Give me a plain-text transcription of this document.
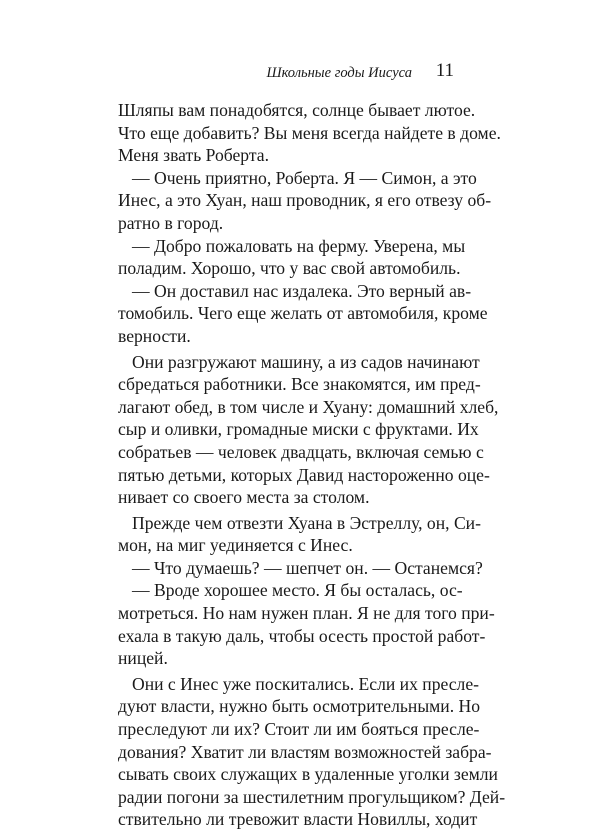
Школьные годы Иисуса 11
Шляпы вам понадобятся, солнце бывает лютое.
Что еще добавить? Вы меня всегда найдете в доме.
Меня звать Роберта.
— Очень приятно, Роберта. Я — Симон, а это
Инес, а это Хуан, наш проводник, я его отвезу об-
ратно в город.
— Добро пожаловать на ферму. Уверена, мы
поладим. Хорошо, что у вас свой автомобиль.
— Он доставил нас издалека. Это верный ав-
томобиль. Чего еще желать от автомобиля, кроме
верности.
Они разгружают машину, а из садов начинают
сбредаться работники. Все знакомятся, им пред-
лагают обед, в том числе и Хуану: домашний хлеб,
сыр и оливки, громадные миски с фруктами. Их
собратьев — человек двадцать, включая семью с
пятью детьми, которых Давид настороженно оце-
нивает со своего места за столом.
Прежде чем отвезти Хуана в Эстреллу, он, Си-
мон, на миг уединяется с Инес.
— Что думаешь? — шепчет он. — Останемся?
— Вроде хорошее место. Я бы осталась, ос-
мотреться. Но нам нужен план. Я не для того при-
ехала в такую даль, чтобы осесть простой работ-
ницей.
Они с Инес уже поскитались. Если их пресле-
дуют власти, нужно быть осмотрительными. Но
преследуют ли их? Стоит ли им бояться пресле-
дования? Хватит ли властям возможностей забра-
сывать своих служащих в удаленные уголки земли
радии погони за шестилетним прогульщиком? Дей-
ствительно ли тревожит власти Новиллы, ходит
